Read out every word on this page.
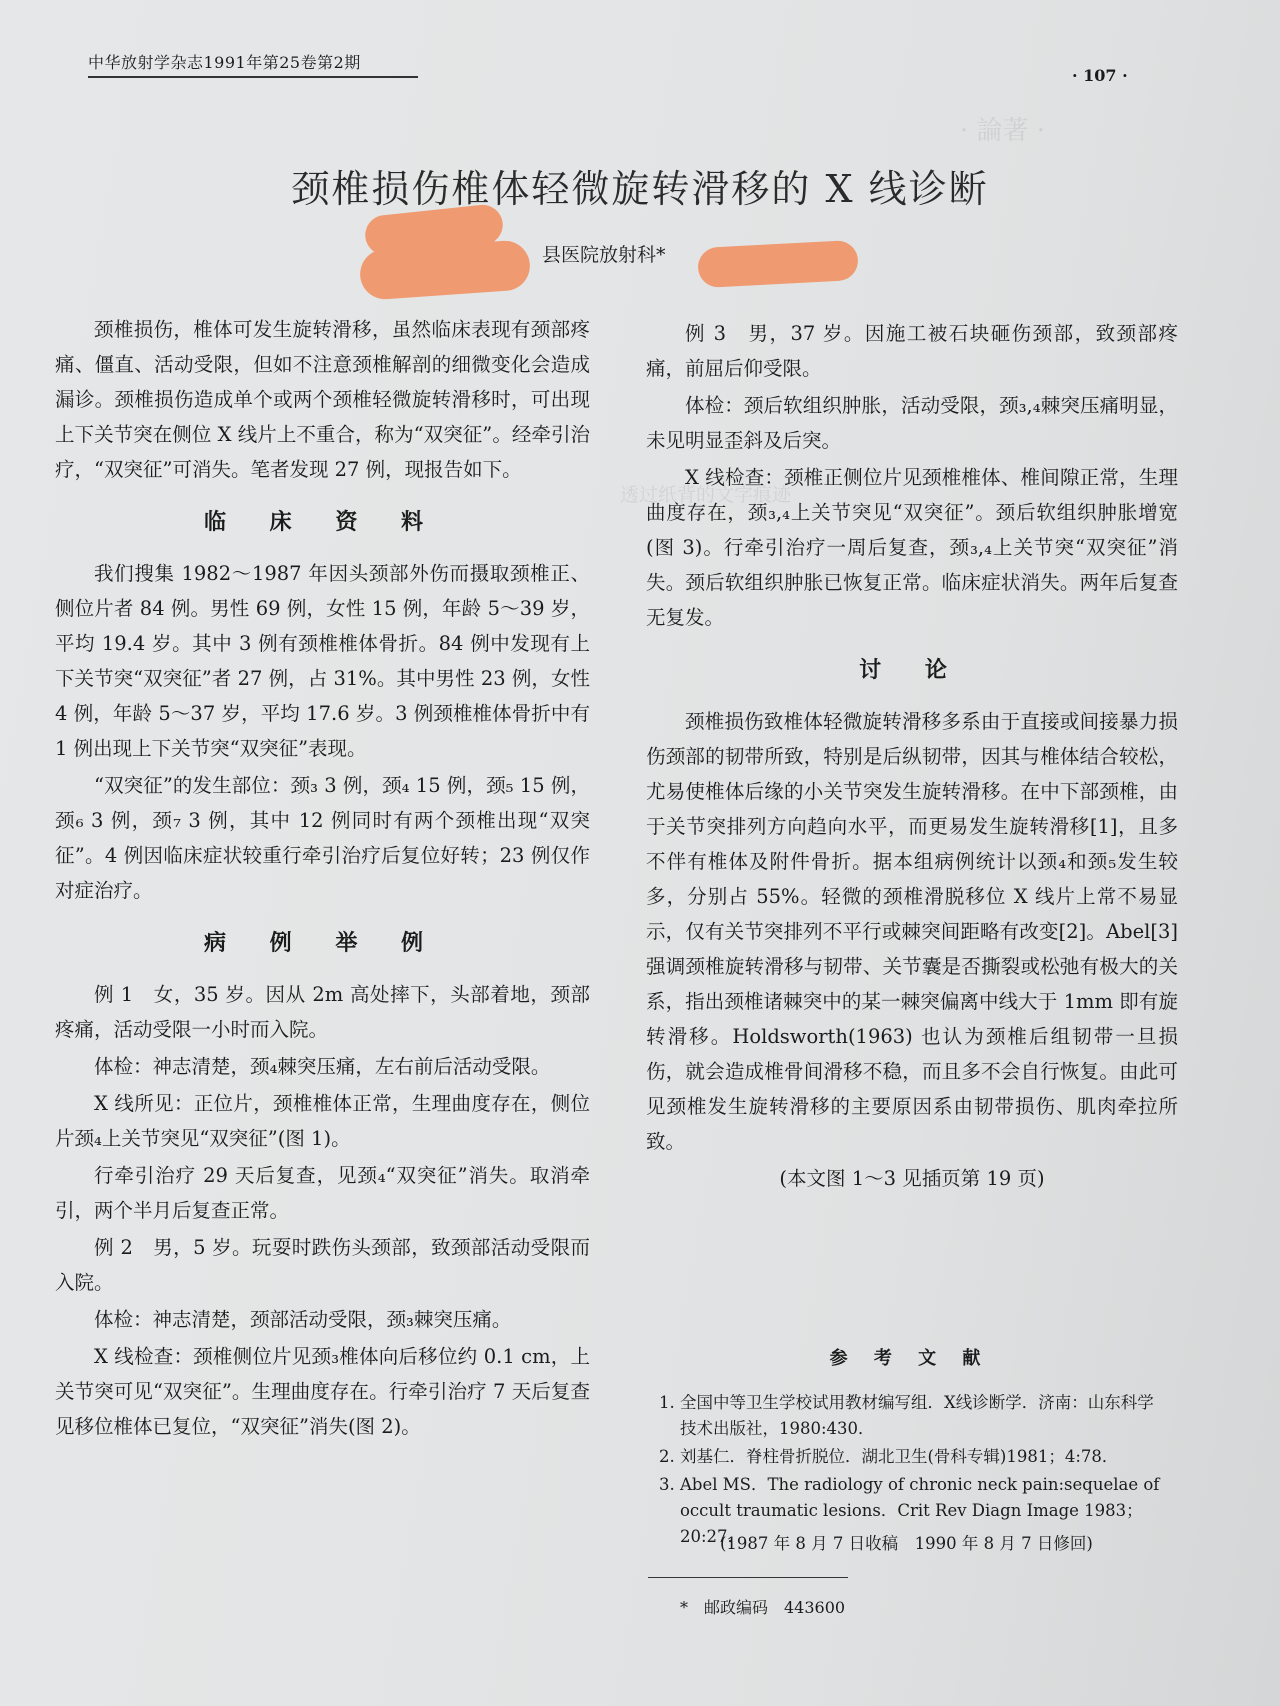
透过纸背的文字痕迹
· 論著 ·
中华放射学杂志1991年第25卷第2期
· 107 ·
颈椎损伤椎体轻微旋转滑移的 X 线诊断
县医院放射科*

颈椎损伤，椎体可发生旋转滑移，虽然临床表现有颈部疼痛、僵直、活动受限，但如不注意颈椎解剖的细微变化会造成漏诊。颈椎损伤造成单个或两个颈椎轻微旋转滑移时，可出现上下关节突在侧位 X 线片上不重合，称为“双突征”。经牵引治疗，“双突征”可消失。笔者发现 27 例，现报告如下。

临 床 资 料

我们搜集 1982～1987 年因头颈部外伤而摄取颈椎正、侧位片者 84 例。男性 69 例，女性 15 例，年龄 5～39 岁，平均 19.4 岁。其中 3 例有颈椎椎体骨折。84 例中发现有上下关节突“双突征”者 27 例，占 31%。其中男性 23 例，女性 4 例，年龄 5～37 岁，平均 17.6 岁。3 例颈椎椎体骨折中有 1 例出现上下关节突“双突征”表现。

“双突征”的发生部位：颈₃ 3 例，颈₄ 15 例，颈₅ 15 例，颈₆ 3 例，颈₇ 3 例，其中 12 例同时有两个颈椎出现“双突征”。4 例因临床症状较重行牵引治疗后复位好转；23 例仅作对症治疗。

病 例 举 例

例 1　女，35 岁。因从 2m 高处摔下，头部着地，颈部疼痛，活动受限一小时而入院。

体检：神志清楚，颈₄棘突压痛，左右前后活动受限。

X 线所见：正位片，颈椎椎体正常，生理曲度存在，侧位片颈₄上关节突见“双突征”(图 1)。

行牵引治疗 29 天后复查，见颈₄“双突征”消失。取消牵引，两个半月后复查正常。

例 2　男，5 岁。玩耍时跌伤头颈部，致颈部活动受限而入院。

体检：神志清楚，颈部活动受限，颈₃棘突压痛。

X 线检查：颈椎侧位片见颈₃椎体向后移位约 0.1 cm，上关节突可见“双突征”。生理曲度存在。行牵引治疗 7 天后复查见移位椎体已复位，“双突征”消失(图 2)。

例 3　男，37 岁。因施工被石块砸伤颈部，致颈部疼痛，前屈后仰受限。

体检：颈后软组织肿胀，活动受限，颈₃,₄棘突压痛明显，未见明显歪斜及后突。

X 线检查：颈椎正侧位片见颈椎椎体、椎间隙正常，生理曲度存在，颈₃,₄上关节突见“双突征”。颈后软组织肿胀增宽(图 3)。行牵引治疗一周后复查，颈₃,₄上关节突“双突征”消失。颈后软组织肿胀已恢复正常。临床症状消失。两年后复查无复发。

讨 论

颈椎损伤致椎体轻微旋转滑移多系由于直接或间接暴力损伤颈部的韧带所致，特别是后纵韧带，因其与椎体结合较松，尤易使椎体后缘的小关节突发生旋转滑移。在中下部颈椎，由于关节突排列方向趋向水平，而更易发生旋转滑移[1]，且多不伴有椎体及附件骨折。据本组病例统计以颈₄和颈₅发生较多，分别占 55%。轻微的颈椎滑脱移位 X 线片上常不易显示，仅有关节突排列不平行或棘突间距略有改变[2]。Abel[3] 强调颈椎旋转滑移与韧带、关节囊是否撕裂或松弛有极大的关系，指出颈椎诸棘突中的某一棘突偏离中线大于 1mm 即有旋转滑移。Holdsworth(1963) 也认为颈椎后组韧带一旦损伤，就会造成椎骨间滑移不稳，而且多不会自行恢复。由此可见颈椎发生旋转滑移的主要原因系由韧带损伤、肌肉牵拉所致。

(本文图 1～3 见插页第 19 页)

参 考 文 献
1. 全国中等卫生学校试用教材编写组．X线诊断学．济南：山东科学技术出版社，1980:430．
2. 刘基仁．脊柱骨折脱位．湖北卫生(骨科专辑)1981；4:78．
3. Abel MS．The radiology of chronic neck pain:sequelae of occult traumatic lesions．Crit Rev Diagn Image 1983；20:27．
(1987 年 8 月 7 日收稿　1990 年 8 月 7 日修回)
*　邮政编码　443600
